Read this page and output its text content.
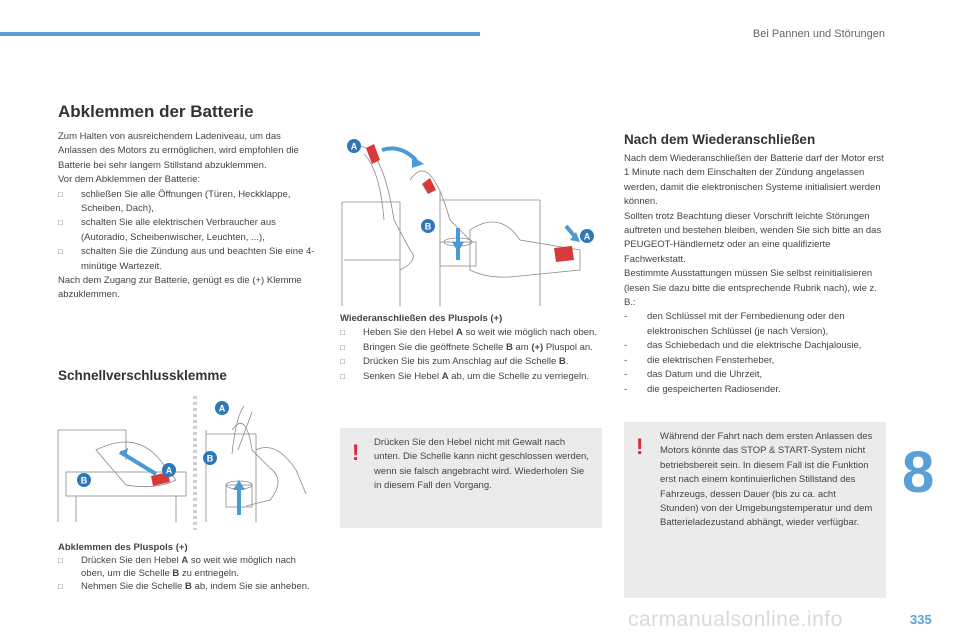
Bei Pannen und Störungen
Abklemmen der Batterie

Zum Halten von ausreichendem Ladeniveau, um das Anlassen des Motors zu ermöglichen, wird empfohlen die Batterie bei sehr langem Stillstand abzuklemmen.

Vor dem Abklemmen der Batterie:

□ schließen Sie alle Öffnungen (Türen, Heckklappe, Scheiben, Dach),
□ schalten Sie alle elektrischen Verbraucher aus (Autoradio, Scheibenwischer, Leuchten, ...),
□ schalten Sie die Zündung aus und beachten Sie eine 4-minütige Wartezeit.

Nach dem Zugang zur Batterie, genügt es die (+) Klemme abzuklemmen.

Schnellverschlussklemme
B
A
A
B

Abklemmen des Pluspols (+)

□ Drücken Sie den Hebel A so weit wie möglich nach oben, um die Schelle B zu entriegeln.
□ Nehmen Sie die Schelle B ab, indem Sie sie anheben.
A
B
A

Wiederanschließen des Pluspols (+)

□ Heben Sie den Hebel A so weit wie möglich nach oben.
□ Bringen Sie die geöffnete Schelle B am (+) Pluspol an.
□ Drücken Sie bis zum Anschlag auf die Schelle B.
□ Senken Sie Hebel A ab, um die Schelle zu verriegeln.
! Drücken Sie den Hebel nicht mit Gewalt nach unten. Die Schelle kann nicht geschlossen werden, wenn sie falsch angebracht wird. Wiederholen Sie in diesem Fall den Vorgang.
Nach dem Wiederanschließen

Nach dem Wiederanschließen der Batterie darf der Motor erst 1 Minute nach dem Einschalten der Zündung angelassen werden, damit die elektronischen Systeme initialisiert werden können.

Sollten trotz Beachtung dieser Vorschrift leichte Störungen auftreten und bestehen bleiben, wenden Sie sich bitte an das PEUGEOT-Händlernetz oder an eine qualifizierte Fachwerkstatt.

Bestimmte Ausstattungen müssen Sie selbst reinitialisieren (lesen Sie dazu bitte die entsprechende Rubrik nach), wie z. B.:

- den Schlüssel mit der Fernbedienung oder den elektronischen Schlüssel (je nach Version),
- das Schiebedach und die elektrische Dachjalousie,
- die elektrischen Fensterheber,
- das Datum und die Uhrzeit,
- die gespeicherten Radiosender.
! Während der Fahrt nach dem ersten Anlassen des Motors könnte das STOP & START-System nicht betriebsbereit sein. In diesem Fall ist die Funktion erst nach einem kontinuierlichen Stillstand des Fahrzeugs, dessen Dauer (bis zu ca. acht Stunden) von der Umgebungstemperatur und dem Batterieladezustand abhängt, wieder verfügbar.
8
carmanualsonline.info	335
